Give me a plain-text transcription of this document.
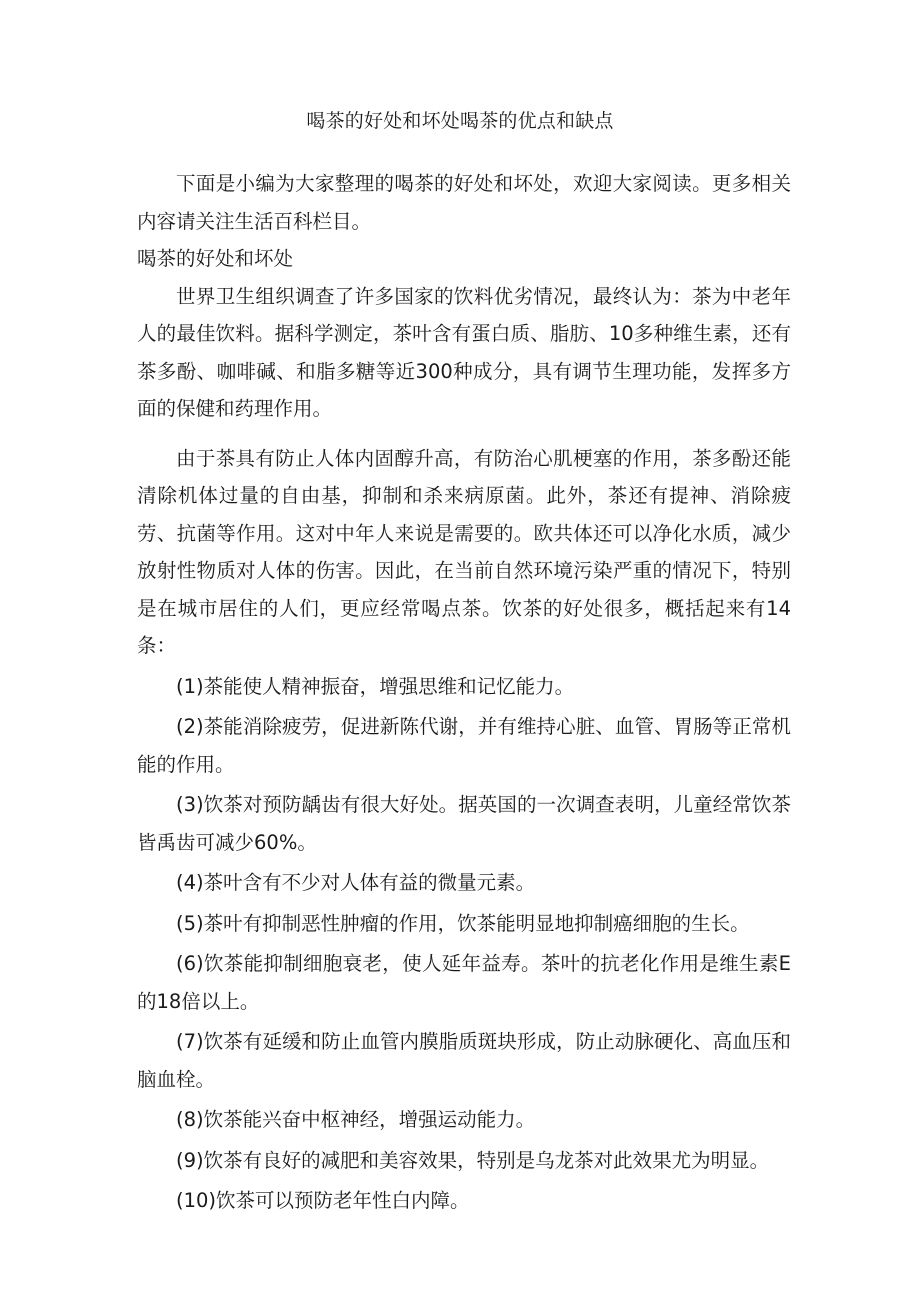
喝茶的好处和坏处喝茶的优点和缺点

下面是小编为大家整理的喝茶的好处和坏处，欢迎大家阅读。更多相关内容请关注生活百科栏目。

喝茶的好处和坏处

世界卫生组织调查了许多国家的饮料优劣情况，最终认为：茶为中老年人的最佳饮料。据科学测定，茶叶含有蛋白质、脂肪、10多种维生素，还有茶多酚、咖啡碱、和脂多糖等近300种成分，具有调节生理功能，发挥多方面的保健和药理作用。

由于茶具有防止人体内固醇升高，有防治心肌梗塞的作用，茶多酚还能清除机体过量的自由基，抑制和杀来病原菌。此外，茶还有提神、消除疲劳、抗菌等作用。这对中年人来说是需要的。欧共体还可以净化水质，减少放射性物质对人体的伤害。因此，在当前自然环境污染严重的情况下，特别是在城市居住的人们，更应经常喝点茶。饮茶的好处很多，概括起来有14条：

(1)茶能使人精神振奋，增强思维和记忆能力。

(2)茶能消除疲劳，促进新陈代谢，并有维持心脏、血管、胃肠等正常机能的作用。

(3)饮茶对预防龋齿有很大好处。据英国的一次调查表明，儿童经常饮茶皆禹齿可减少60%。

(4)茶叶含有不少对人体有益的微量元素。

(5)茶叶有抑制恶性肿瘤的作用，饮茶能明显地抑制癌细胞的生长。

(6)饮茶能抑制细胞衰老，使人延年益寿。茶叶的抗老化作用是维生素E的18倍以上。

(7)饮茶有延缓和防止血管内膜脂质斑块形成，防止动脉硬化、高血压和脑血栓。

(8)饮茶能兴奋中枢神经，增强运动能力。

(9)饮茶有良好的减肥和美容效果，特别是乌龙茶对此效果尤为明显。

(10)饮茶可以预防老年性白内障。
